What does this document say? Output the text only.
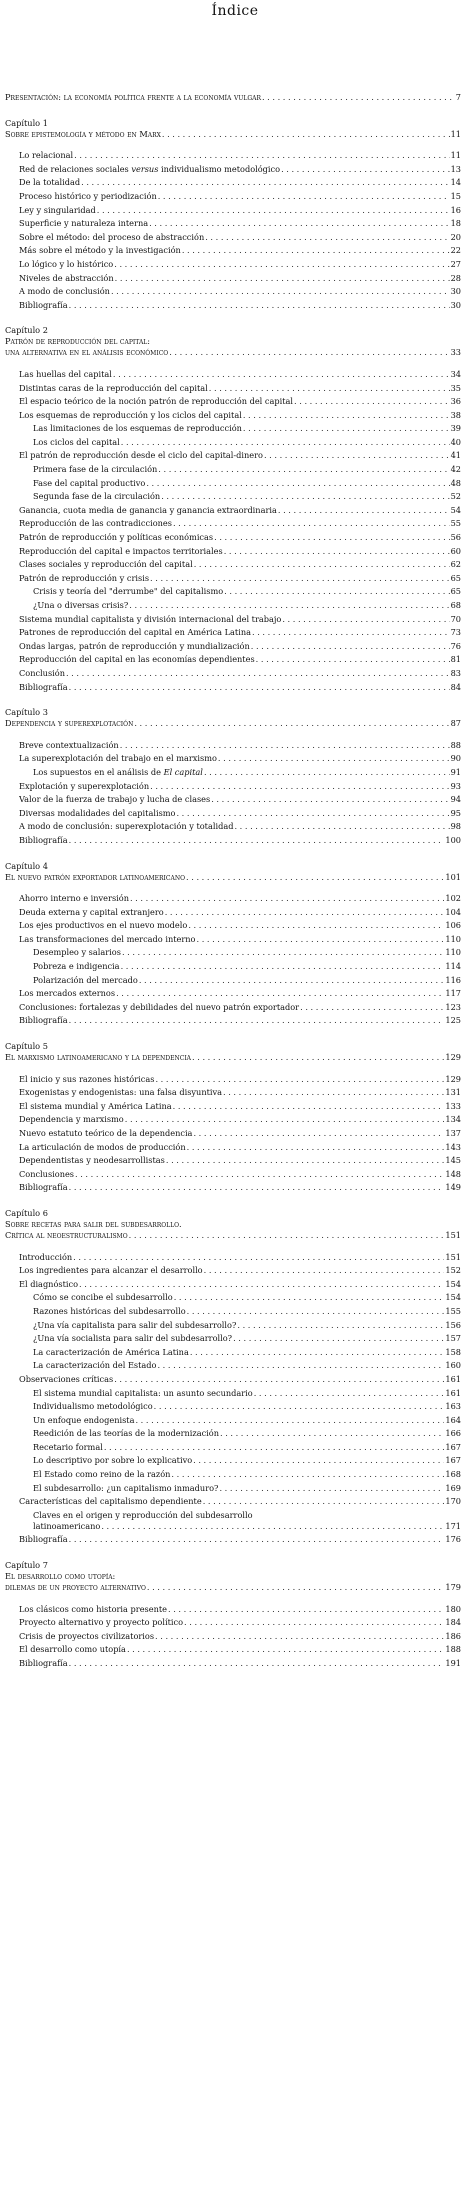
Índice
Presentación: la economía política frente a la economía vulgar . . .	7
Capítulo 1
Sobre epistemología y método en Marx . . .	11
Lo relacional . . .	11
Red de relaciones sociales versus individualismo metodológico . . .	13
De la totalidad . . .	14
Proceso histórico y periodización . . .	15
Ley y singularidad . . .	16
Superficie y naturaleza interna . . .	18
Sobre el método: del proceso de abstracción . . .	20
Más sobre el método y la investigación . . .	22
Lo lógico y lo histórico . . .	27
Niveles de abstracción . . .	28
A modo de conclusión . . .	30
Bibliografía . . .	30
Capítulo 2
Patrón de reproducción del capital:
una alternativa en el análisis económico . . .	33
Las huellas del capital . . .	34
Distintas caras de la reproducción del capital . . .	35
El espacio teórico de la noción patrón de reproducción del capital . . .	36
Los esquemas de reproducción y los ciclos del capital . . .	38
Las limitaciones de los esquemas de reproducción . . .	39
Los ciclos del capital . . .	40
El patrón de reproducción desde el ciclo del capital-dinero . . .	41
Primera fase de la circulación . . .	42
Fase del capital productivo . . .	48
Segunda fase de la circulación . . .	52
Ganancia, cuota media de ganancia y ganancia extraordinaria . . .	54
Reproducción de las contradicciones . . .	55
Patrón de reproducción y políticas económicas . . .	56
Reproducción del capital e impactos territoriales . . .	60
Clases sociales y reproducción del capital . . .	62
Patrón de reproducción y crisis . . .	65
Crisis y teoría del "derrumbe" del capitalismo . . .	65
¿Una o diversas crisis? . . .	68
Sistema mundial capitalista y división internacional del trabajo . . .	70
Patrones de reproducción del capital en América Latina . . .	73
Ondas largas, patrón de reproducción y mundialización . . .	76
Reproducción del capital en las economías dependientes . . .	81
Conclusión . . .	83
Bibliografía . . .	84
Capítulo 3
Dependencia y superexplotación . . .	87
Breve contextualización . . .	88
La superexplotación del trabajo en el marxismo . . .	90
Los supuestos en el análisis de El capital . . .	91
Explotación y superexplotación . . .	93
Valor de la fuerza de trabajo y lucha de clases . . .	94
Diversas modalidades del capitalismo . . .	95
A modo de conclusión: superexplotación y totalidad . . .	98
Bibliografía . . .	100
Capítulo 4
El nuevo patrón exportador latinoamericano . . .	101
Ahorro interno e inversión . . .	102
Deuda externa y capital extranjero . . .	104
Los ejes productivos en el nuevo modelo . . .	106
Las transformaciones del mercado interno . . .	110
Desempleo y salarios . . .	110
Pobreza e indigencia . . .	114
Polarización del mercado . . .	116
Los mercados externos . . .	117
Conclusiones: fortalezas y debilidades del nuevo patrón exportador . . .	123
Bibliografía . . .	125
Capítulo 5
El marxismo latinoamericano y la dependencia . . .	129
El inicio y sus razones históricas . . .	129
Exogenistas y endogenistas: una falsa disyuntiva . . .	131
El sistema mundial y América Latina . . .	133
Dependencia y marxismo . . .	134
Nuevo estatuto teórico de la dependencia . . .	137
La articulación de modos de producción . . .	143
Dependentistas y neodesarrollistas . . .	145
Conclusiones . . .	148
Bibliografía . . .	149
Capítulo 6
Sobre recetas para salir del subdesarrollo.
Crítica al neoestructuralismo . . .	151
Introducción . . .	151
Los ingredientes para alcanzar el desarrollo . . .	152
El diagnóstico . . .	154
Cómo se concibe el subdesarrollo . . .	154
Razones históricas del subdesarrollo . . .	155
¿Una vía capitalista para salir del subdesarrollo? . . .	156
¿Una vía socialista para salir del subdesarrollo? . . .	157
La caracterización de América Latina . . .	158
La caracterización del Estado . . .	160
Observaciones críticas . . .	161
El sistema mundial capitalista: un asunto secundario . . .	161
Individualismo metodológico . . .	163
Un enfoque endogenista . . .	164
Reedición de las teorías de la modernización . . .	166
Recetario formal . . .	167
Lo descriptivo por sobre lo explicativo . . .	167
El Estado como reino de la razón . . .	168
El subdesarrollo: ¿un capitalismo inmaduro? . . .	169
Características del capitalismo dependiente . . .	170
Claves en el origen y reproducción del subdesarrollo
latinoamericano . . .	171
Bibliografía . . .	176
Capítulo 7
El desarrollo como utopía:
dilemas de un proyecto alternativo . . .	179
Los clásicos como historia presente . . .	180
Proyecto alternativo y proyecto político . . .	184
Crisis de proyectos civilizatorios . . .	186
El desarrollo como utopía . . .	188
Bibliografía . . .	191
